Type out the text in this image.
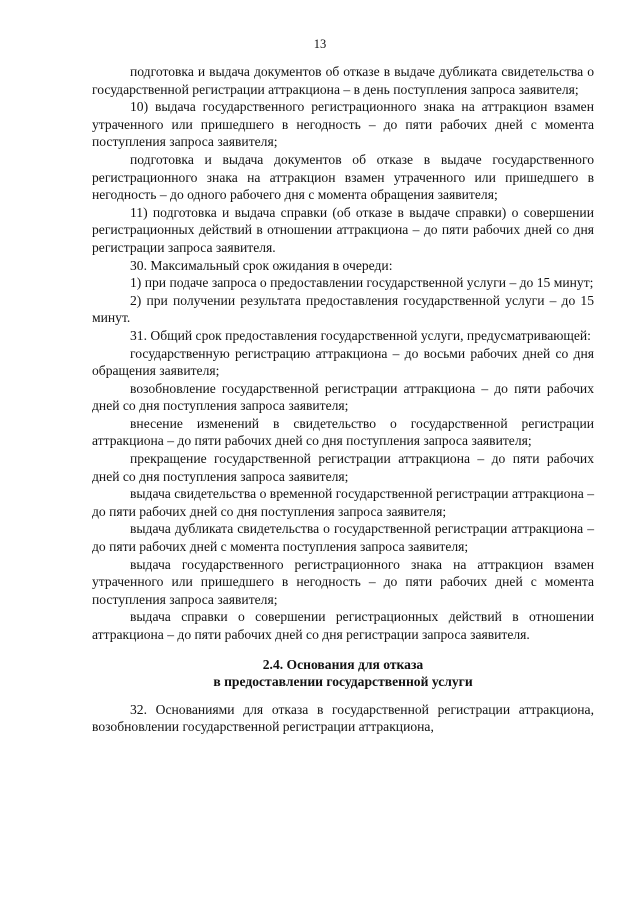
13

подготовка и выдача документов об отказе в выдаче дубликата свидетельства о государственной регистрации аттракциона – в день поступления запроса заявителя;

10) выдача государственного регистрационного знака на аттракцион взамен утраченного или пришедшего в негодность – до пяти рабочих дней с момента поступления запроса заявителя;

подготовка и выдача документов об отказе в выдаче государственного регистрационного знака на аттракцион взамен утраченного или пришедшего в негодность – до одного рабочего дня с момента обращения заявителя;

11) подготовка и выдача справки (об отказе в выдаче справки) о совершении регистрационных действий в отношении аттракциона – до пяти рабочих дней со дня регистрации запроса заявителя.

30. Максимальный срок ожидания в очереди:

1) при подаче запроса о предоставлении государственной услуги – до 15 минут;

2) при получении результата предоставления государственной услуги – до 15 минут.

31. Общий срок предоставления государственной услуги, предусматривающей:

государственную регистрацию аттракциона – до восьми рабочих дней со дня обращения заявителя;

возобновление государственной регистрации аттракциона – до пяти рабочих дней со дня поступления запроса заявителя;

внесение изменений в свидетельство о государственной регистрации аттракциона – до пяти рабочих дней со дня поступления запроса заявителя;

прекращение государственной регистрации аттракциона – до пяти рабочих дней со дня поступления запроса заявителя;

выдача свидетельства о временной государственной регистрации аттракциона – до пяти рабочих дней со дня поступления запроса заявителя;

выдача дубликата свидетельства о государственной регистрации аттракциона – до пяти рабочих дней с момента поступления запроса заявителя;

выдача государственного регистрационного знака на аттракцион взамен утраченного или пришедшего в негодность – до пяти рабочих дней с момента поступления запроса заявителя;

выдача справки о совершении регистрационных действий в отношении аттракциона – до пяти рабочих дней со дня регистрации запроса заявителя.

2.4. Основания для отказа
в предоставлении государственной услуги

32. Основаниями для отказа в государственной регистрации аттракциона, возобновлении государственной регистрации аттракциона,
